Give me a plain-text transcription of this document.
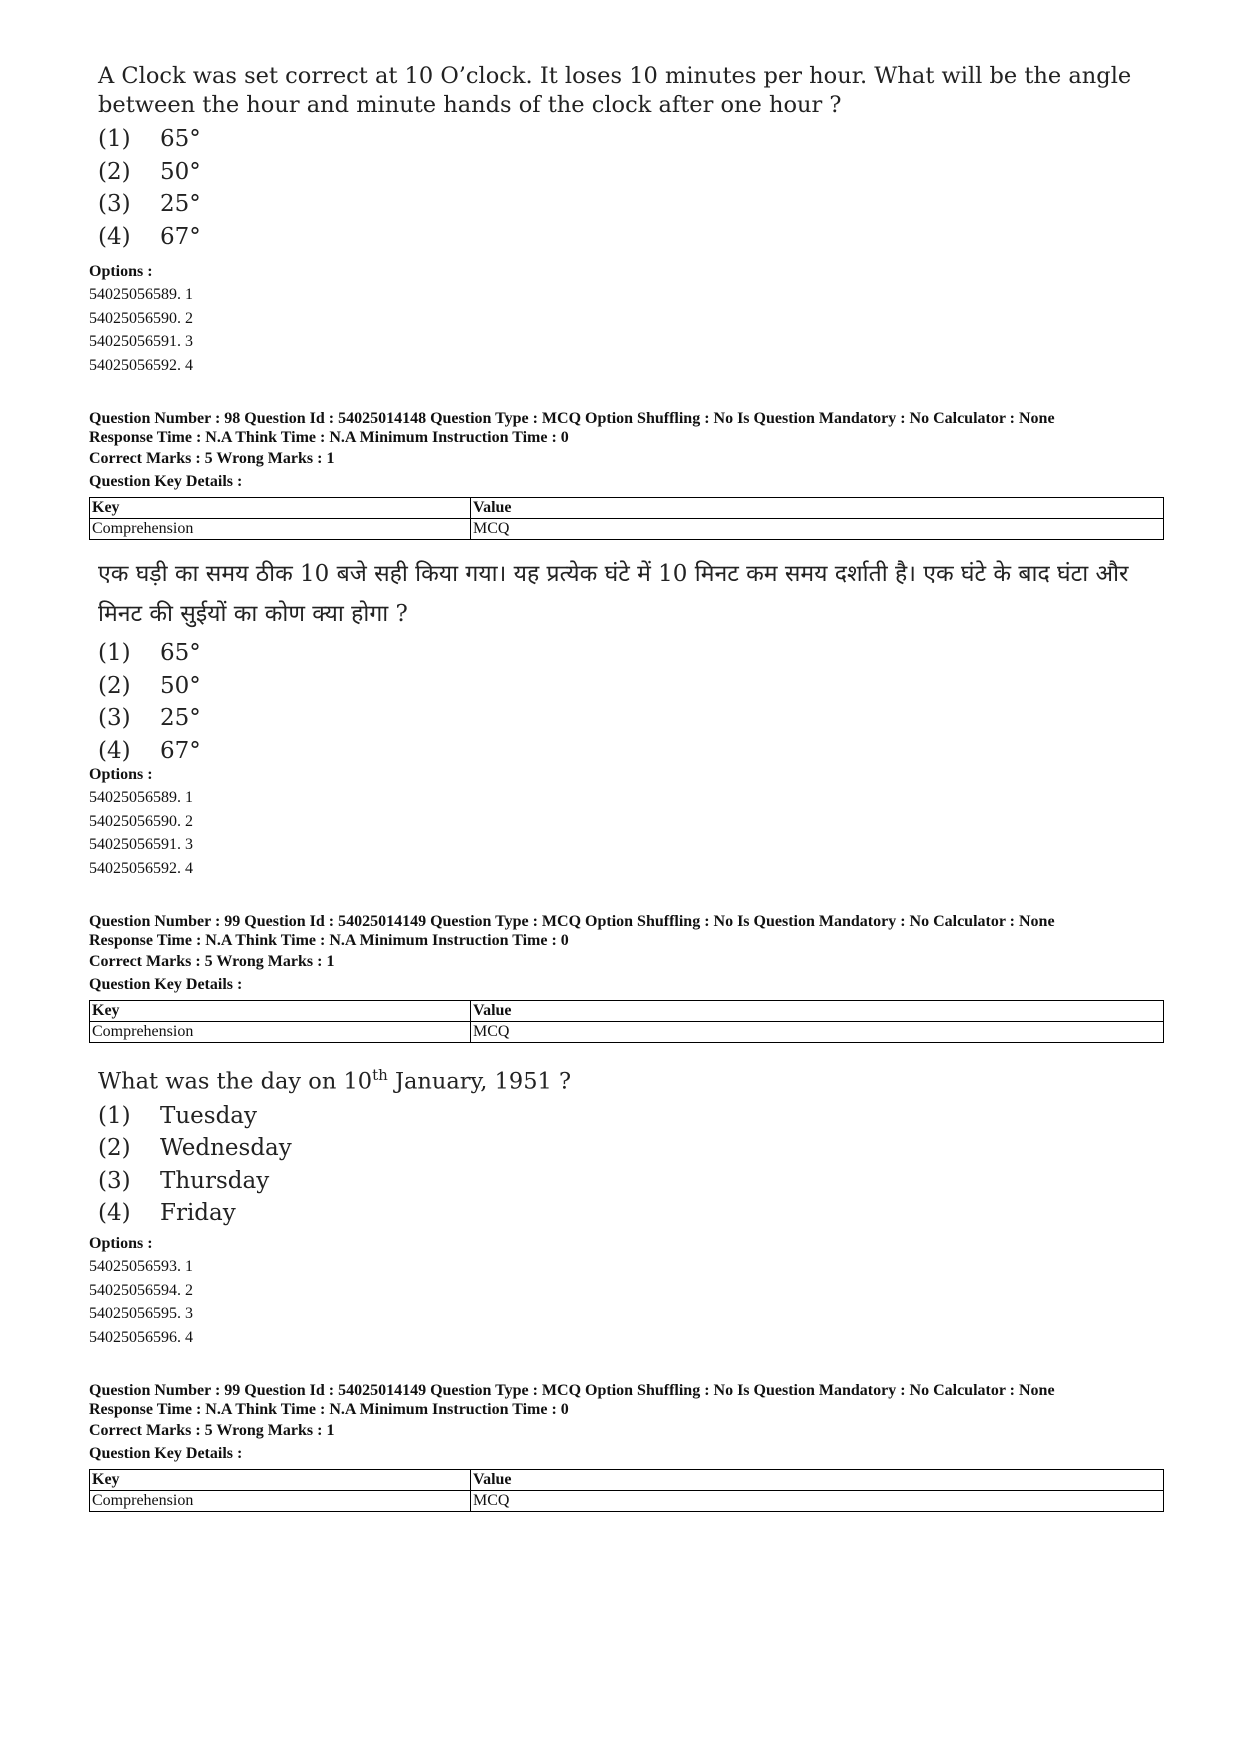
A Clock was set correct at 10 O’clock. It loses 10 minutes per hour. What will be the angle between the hour and minute hands of the clock after one hour ?

(1) 65°
(2) 50°
(3) 25°
(4) 67°
Options :
54025056589. 1
54025056590. 2
54025056591. 3
54025056592. 4
Question Number : 98 Question Id : 54025014148 Question Type : MCQ Option Shuffling : No Is Question Mandatory : No Calculator : None
Response Time : N.A Think Time : N.A Minimum Instruction Time : 0
Correct Marks : 5 Wrong Marks : 1
Question Key Details :
Key	Value
Comprehension	MCQ

एक घड़ी का समय ठीक 10 बजे सही किया गया। यह प्रत्येक घंटे में 10 मिनट कम समय दर्शाती है। एक घंटे के बाद घंटा और मिनट की सुईयों का कोण क्या होगा ?

(1) 65°
(2) 50°
(3) 25°
(4) 67°
Options :
54025056589. 1
54025056590. 2
54025056591. 3
54025056592. 4
Question Number : 99 Question Id : 54025014149 Question Type : MCQ Option Shuffling : No Is Question Mandatory : No Calculator : None
Response Time : N.A Think Time : N.A Minimum Instruction Time : 0
Correct Marks : 5 Wrong Marks : 1
Question Key Details :
Key	Value
Comprehension	MCQ

What was the day on 10th January, 1951 ?

(1) Tuesday
(2) Wednesday
(3) Thursday
(4) Friday
Options :
54025056593. 1
54025056594. 2
54025056595. 3
54025056596. 4
Question Number : 99 Question Id : 54025014149 Question Type : MCQ Option Shuffling : No Is Question Mandatory : No Calculator : None
Response Time : N.A Think Time : N.A Minimum Instruction Time : 0
Correct Marks : 5 Wrong Marks : 1
Question Key Details :
Key	Value
Comprehension	MCQ
